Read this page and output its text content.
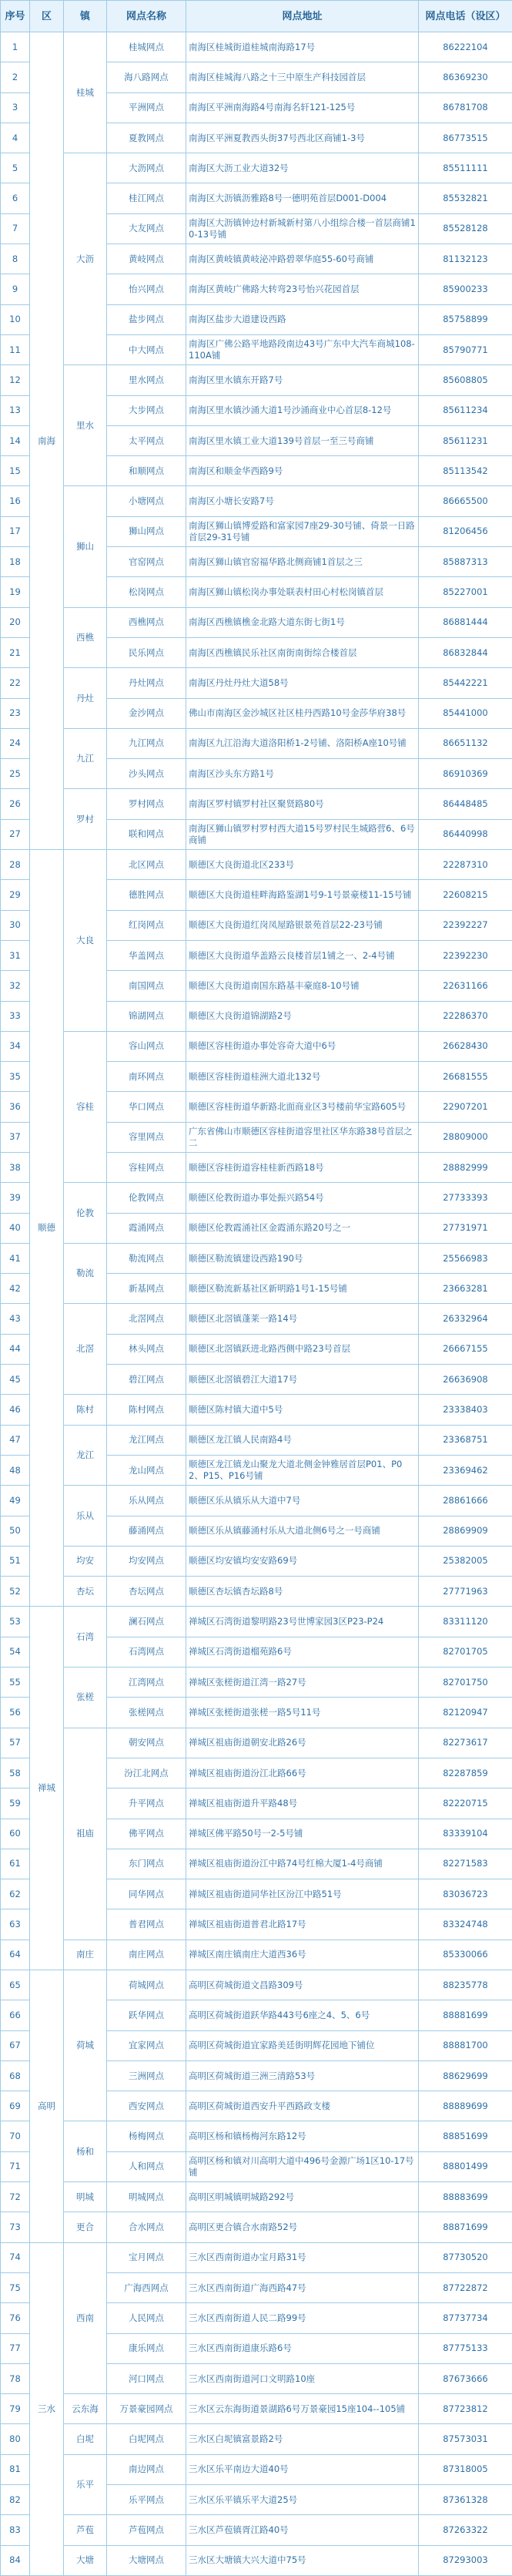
序号	区	镇	网点名称	网点地址	网点电话（设区）
1	南海	桂城	桂城网点	南海区桂城街道桂城南海路17号	86222104
2			海八路网点	南海区桂城海八路之十三中原生产科技园首层	86369230
3			平洲网点	南海区平洲南海路4号南海名轩121-125号	86781708
4			夏教网点	南海区平洲夏教西头街37号西北区商铺1-3号	86773515
5		大沥	大沥网点	南海区大沥工业大道32号	85511111
6			桂江网点	南海区大沥镇沥雅路8号一德明苑首层D001-D004	85532821
7			大友网点	南海区大沥镇钟边村新城新村第八小组综合楼一首层商铺10-13号铺	85528128
8			黄岐网点	南海区黄岐镇黄岐泌冲路碧翠华庭55-60号商铺	81132123
9			怡兴网点	南海区黄岐广佛路大转弯23号怡兴花园首层	85900233
10			盐步网点	南海区盐步大道建设西路	85758899
11			中大网点	南海区广佛公路平地路段南边43号广东中大汽车商城108-110A铺	85790771
12		里水	里水网点	南海区里水镇东开路7号	85608805
13			大步网点	南海区里水镇沙涌大道1号沙涌商业中心首层8-12号	85611234
14			太平网点	南海区里水镇工业大道139号首层一至三号商铺	85611231
15			和顺网点	南海区和顺金华西路9号	85113542
16		狮山	小塘网点	南海区小塘长安路7号	86665500
17			狮山网点	南海区狮山镇博爱路和富家园7座29-30号铺、倚景一日路首层29-31号铺	81206456
18			官窑网点	南海区狮山镇官窑福华路北侧商铺1首层之三	85887313
19			松岗网点	南海区狮山镇松岗办事处联表村田心村松岗镇首层	85227001
20		西樵	西樵网点	南海区西樵镇樵金北路大道东街七街1号	86881444
21			民乐网点	南海区西樵镇民乐社区南街南街综合楼首层	86832844
22		丹灶	丹灶网点	南海区丹灶丹灶大道58号	85442221
23			金沙网点	佛山市南海区金沙城区社区桂丹西路10号金莎华府38号	85441000
24		九江	九江网点	南海区九江沿海大道洛阳桥1-2号铺、洛阳桥A座10号铺	86651132
25			沙头网点	南海区沙头东方路1号	86910369
26		罗村	罗村网点	南海区罗村镇罗村社区聚贤路80号	86448485
27			联和网点	南海区狮山镇罗村罗村西大道15号罗村民生城路营6、6号商铺	86440998
28	顺德	大良	北区网点	顺德区大良街道北区233号	22287310
29			德胜网点	顺德区大良街道桂畔海路鉴湖1号9-1号景豪楼11-15号铺	22608215
30			红岗网点	顺德区大良街道红岗凤屋路银景苑首层22-23号铺	22392227
31			华盖网点	顺德区大良街道华盖路云良楼首层1铺之一、2-4号铺	22392230
32			南国网点	顺德区大良街道南国东路基丰豪庭8-10号铺	22631166
33			锦湖网点	顺德区大良街道锦湖路2号	22286370
34		容桂	容山网点	顺德区容桂街道办事处容奇大道中6号	26628430
35			南环网点	顺德区容桂街道桂洲大道北132号	26681555
36			华口网点	顺德区容桂街道华新路北面商业区3号楼前华宝路605号	22907201
37			容里网点	广东省佛山市顺德区容桂街道容里社区华东路38号首层之二	28809000
38			容桂网点	顺德区容桂街道容桂桂新西路18号	28882999
39		伦教	伦教网点	顺德区伦教街道办事处振兴路54号	27733393
40			霞涌网点	顺德区伦教霞涌社区金霞涌东路20号之一	27731971
41		勒流	勒流网点	顺德区勒流镇建设西路190号	25566983
42			新基网点	顺德区勒流新基社区新明路1号1-15号铺	23663281
43		北滘	北滘网点	顺德区北滘镇蓬莱一路14号	26332964
44			林头网点	顺德区北滘镇跃进北路西侧中路23号首层	26667155
45			碧江网点	顺德区北滘镇碧江大道17号	26636908
46		陈村	陈村网点	顺德区陈村镇大道中5号	23338403
47		龙江	龙江网点	顺德区龙江镇人民南路4号	23368751
48			龙山网点	顺德区龙江镇龙山聚龙大道北侧金钟雅居首层P01、P02、P15、P16号铺	23369462
49		乐从	乐从网点	顺德区乐从镇乐从大道中7号	28861666
50			藤涌网点	顺德区乐从镇藤涌村乐从大道北侧6号之一号商铺	28869909
51		均安	均安网点	顺德区均安镇均安安路69号	25382005
52		杏坛	杏坛网点	顺德区杏坛镇杏坛路8号	27771963
53	禅城	石湾	澜石网点	禅城区石湾街道黎明路23号世博家园3区P23-P24	83311120
54			石湾网点	禅城区石湾街道榴苑路6号	82701705
55		张槎	江湾网点	禅城区张槎街道江湾一路27号	82701750
56			张槎网点	禅城区张槎街道张槎一路5号11号	82120947
57		祖庙	朝安网点	禅城区祖庙街道朝安北路26号	82273617
58			汾江北网点	禅城区祖庙街道汾江北路66号	82287859
59			升平网点	禅城区祖庙街道升平路48号	82220715
60			佛平网点	禅城区佛平路50号一2-5号铺	83339104
61			东门网点	禅城区祖庙街道汾江中路74号红棉大厦1-4号商铺	82271583
62			同华网点	禅城区祖庙街道同华社区汾江中路51号	83036723
63			普君网点	禅城区祖庙街道普君北路17号	83324748
64		南庄	南庄网点	禅城区南庄镇南庄大道西36号	85330066
65	高明	荷城	荷城网点	高明区荷城街道文昌路309号	88235778
66			跃华网点	高明区荷城街道跃华路443号6座之4、5、6号	88881699
67			宜家网点	高明区荷城街道宜家路美廷街明辉花园地下铺位	88881700
68			三洲网点	高明区荷城街道三洲三清路53号	88629699
69			西安网点	高明区荷城街道西安升平西路政支楼	88889699
70		杨和	杨梅网点	高明区杨和镇杨梅河东路12号	88851699
71			人和网点	高明区杨和镇对川高明大道中496号金源广场1区10-17号铺	88801499
72		明城	明城网点	高明区明城镇明城路292号	88883699
73		更合	合水网点	高明区更合镇合水南路52号	88871699
74	三水	西南	宝月网点	三水区西南街道办宝月路31号	87730520
75			广海西网点	三水区西南街道广海西路47号	87722872
76			人民网点	三水区西南街道人民二路99号	87737734
77			康乐网点	三水区西南街道康乐路6号	87775133
78			河口网点	三水区西南街道河口文明路10座	87673666
79		云东海	万景豪园网点	三水区云东海街道景湖路6号万景豪园15座104--105铺	87723812
80		白坭	白坭网点	三水区白坭镇富景路2号	87573031
81		乐平	南边网点	三水区乐平南边大道40号	87318005
82			乐平网点	三水区乐平镇乐平大道25号	87361328
83		芦苞	芦苞网点	三水区芦苞镇胥江路40号	87263322
84		大塘	大塘网点	三水区大塘镇大兴大道中75号	87293003
